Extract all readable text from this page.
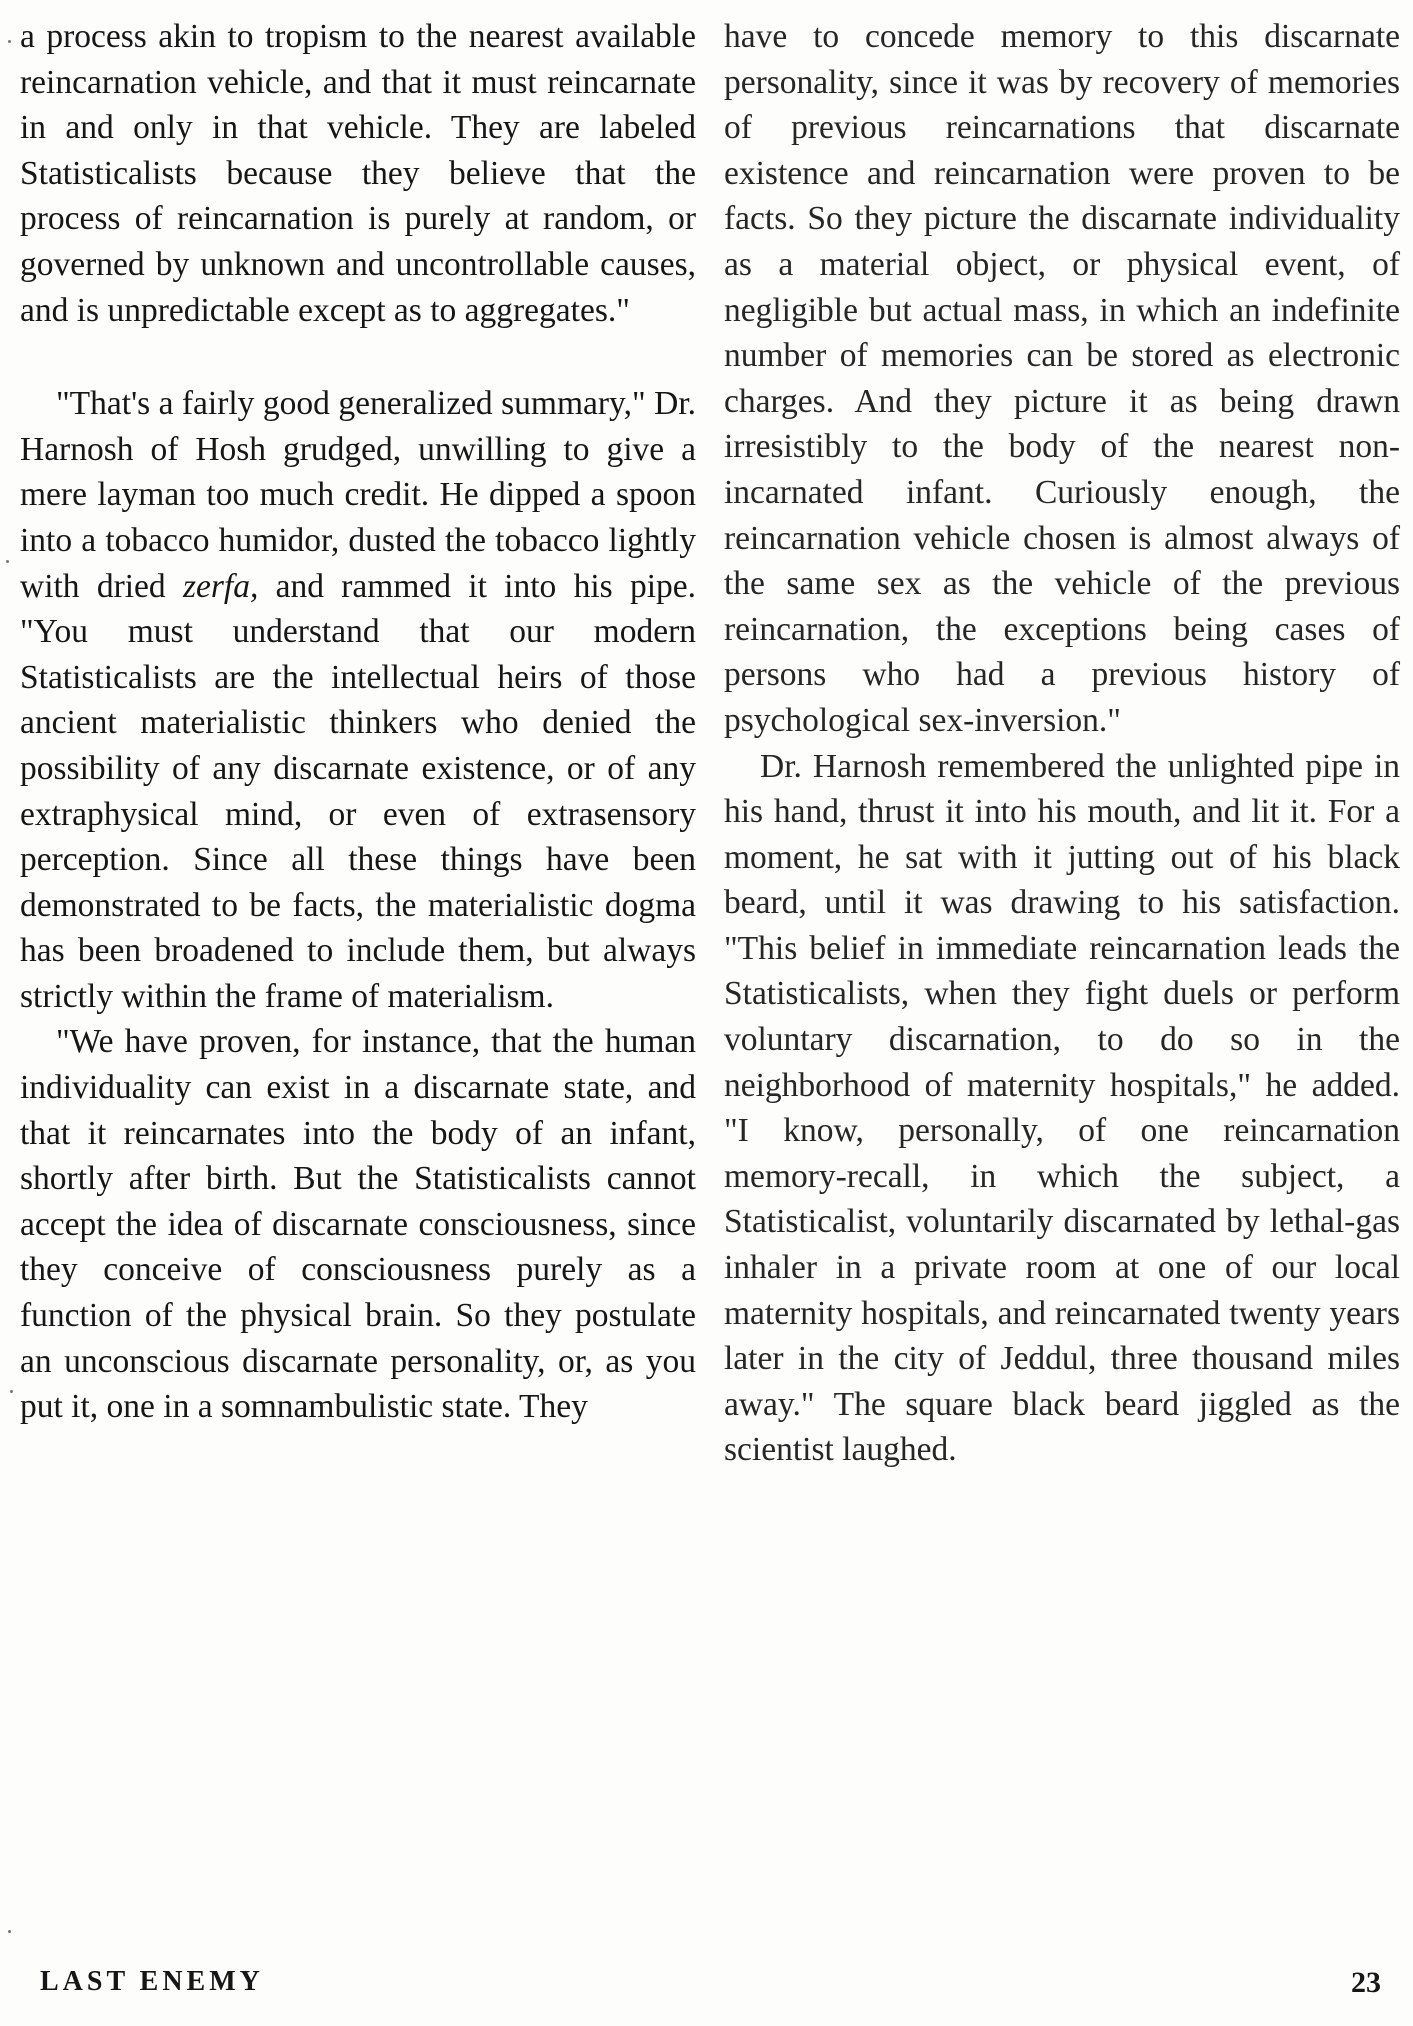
a process akin to tropism to the nearest available reincarnation vehicle, and that it must reincarnate in and only in that vehicle. They are labeled Statisticalists because they believe that the process of reincarnation is purely at random, or governed by unknown and uncontrollable causes, and is unpredictable except as to aggregates."

"That's a fairly good generalized summary," Dr. Harnosh of Hosh grudged, unwilling to give a mere layman too much credit. He dipped a spoon into a tobacco humidor, dusted the tobacco lightly with dried zerfa, and rammed it into his pipe. "You must understand that our modern Statisticalists are the intellectual heirs of those ancient materialistic thinkers who denied the possibility of any discarnate existence, or of any extraphysical mind, or even of extrasensory perception. Since all these things have been demonstrated to be facts, the materialistic dogma has been broadened to include them, but always strictly within the frame of materialism.

"We have proven, for instance, that the human individuality can exist in a discarnate state, and that it reincarnates into the body of an infant, shortly after birth. But the Statisticalists cannot accept the idea of discarnate consciousness, since they conceive of consciousness purely as a function of the physical brain. So they postulate an unconscious discarnate personality, or, as you put it, one in a somnambulistic state. They

have to concede memory to this discarnate personality, since it was by recovery of memories of previous reincarnations that discarnate existence and reincarnation were proven to be facts. So they picture the discarnate individuality as a material object, or physical event, of negligible but actual mass, in which an indefinite number of memories can be stored as electronic charges. And they picture it as being drawn irresistibly to the body of the nearest non-incarnated infant. Curiously enough, the reincarnation vehicle chosen is almost always of the same sex as the vehicle of the previous reincarnation, the exceptions being cases of persons who had a previous history of psychological sex-inversion."

Dr. Harnosh remembered the unlighted pipe in his hand, thrust it into his mouth, and lit it. For a moment, he sat with it jutting out of his black beard, until it was drawing to his satisfaction. "This belief in immediate reincarnation leads the Statisticalists, when they fight duels or perform voluntary discarnation, to do so in the neighborhood of maternity hospitals," he added. "I know, personally, of one reincarnation memory-recall, in which the subject, a Statisticalist, voluntarily discarnated by lethal-gas inhaler in a private room at one of our local maternity hospitals, and reincarnated twenty years later in the city of Jeddul, three thousand miles away." The square black beard jiggled as the scientist laughed.

LAST ENEMY	23
